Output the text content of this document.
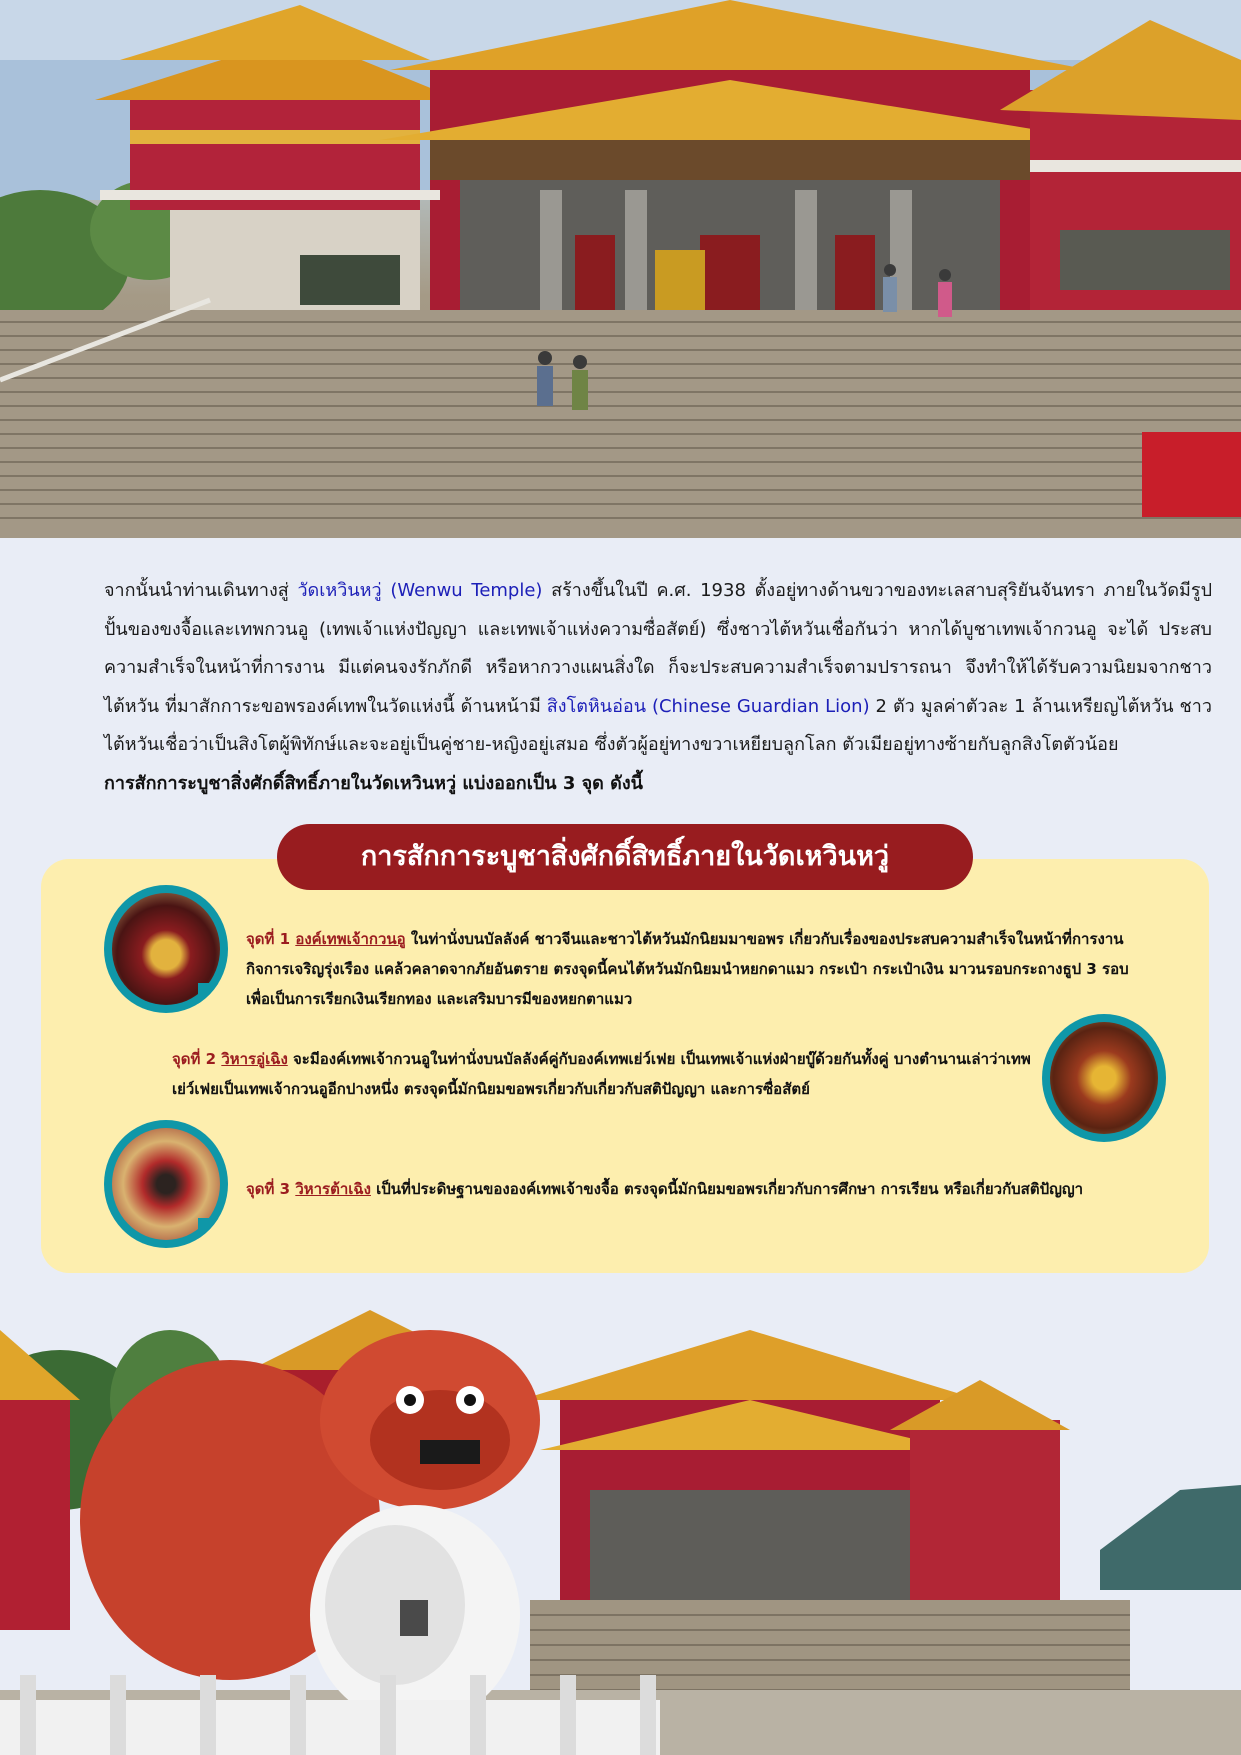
จากนั้นนำท่านเดินทางสู่ วัดเหวินหวู่ (Wenwu Temple) สร้างขึ้นในปี ค.ศ. 1938 ตั้งอยู่ทางด้านขวาของทะเลสาบสุริยันจันทรา ภายในวัดมีรูปปั้นของขงจื้อและเทพกวนอู (เทพเจ้าแห่งปัญญา และเทพเจ้าแห่งความซื่อสัตย์) ซึ่งชาวไต้หวันเชื่อกันว่า หากได้บูชาเทพเจ้ากวนอู จะได้ ประสบความสำเร็จในหน้าที่การงาน มีแต่คนจงรักภักดี หรือหากวางแผนสิ่งใด ก็จะประสบความสำเร็จตามปรารถนา จึงทำให้ได้รับความนิยมจากชาวไต้หวัน ที่มาสักการะขอพรองค์เทพในวัดแห่งนี้ ด้านหน้ามี สิงโตหินอ่อน (Chinese Guardian Lion) 2 ตัว มูลค่าตัวละ 1 ล้านเหรียญไต้หวัน ชาวไต้หวันเชื่อว่าเป็นสิงโตผู้พิทักษ์และจะอยู่เป็นคู่ชาย-หญิงอยู่เสมอ ซึ่งตัวผู้อยู่ทางขวาเหยียบลูกโลก ตัวเมียอยู่ทางซ้ายกับลูกสิงโตตัวน้อย
การสักการะบูชาสิ่งศักดิ์สิทธิ์ภายในวัดเหวินหวู่ แบ่งออกเป็น 3 จุด ดังนี้
การสักการะบูชาสิ่งศักดิ์สิทธิ์ภายในวัดเหวินหวู่
จุดที่ 1 องค์เทพเจ้ากวนอู ในท่านั่งบนบัลลังค์ ชาวจีนและชาวไต้หวันมักนิยมมาขอพร เกี่ยวกับเรื่องของประสบความสำเร็จในหน้าที่การงาน กิจการเจริญรุ่งเรือง แคล้วคลาดจากภัยอันตราย ตรงจุดนี้คนไต้หวันมักนิยมนำหยกดาแมว กระเป๋า กระเป๋าเงิน มาวนรอบกระถางธูป 3 รอบ เพื่อเป็นการเรียกเงินเรียกทอง และเสริมบารมีของหยกตาแมว
จุดที่ 2 วิหารอู่เฉิง จะมีองค์เทพเจ้ากวนอูในท่านั่งบนบัลลังค์คู่กับองค์เทพเย่ว์เฟย เป็นเทพเจ้าแห่งฝ่ายบู๊ด้วยกันทั้งคู่ บางตำนานเล่าว่าเทพเย่ว์เฟยเป็นเทพเจ้ากวนอูอีกปางหนึ่ง ตรงจุดนี้มักนิยมขอพรเกี่ยวกับเกี่ยวกับสติปัญญา และการซื่อสัตย์
จุดที่ 3 วิหารต้าเฉิง เป็นที่ประดิษฐานขององค์เทพเจ้าขงจื้อ ตรงจุดนี้มักนิยมขอพรเกี่ยวกับการศึกษา การเรียน หรือเกี่ยวกับสติปัญญา
